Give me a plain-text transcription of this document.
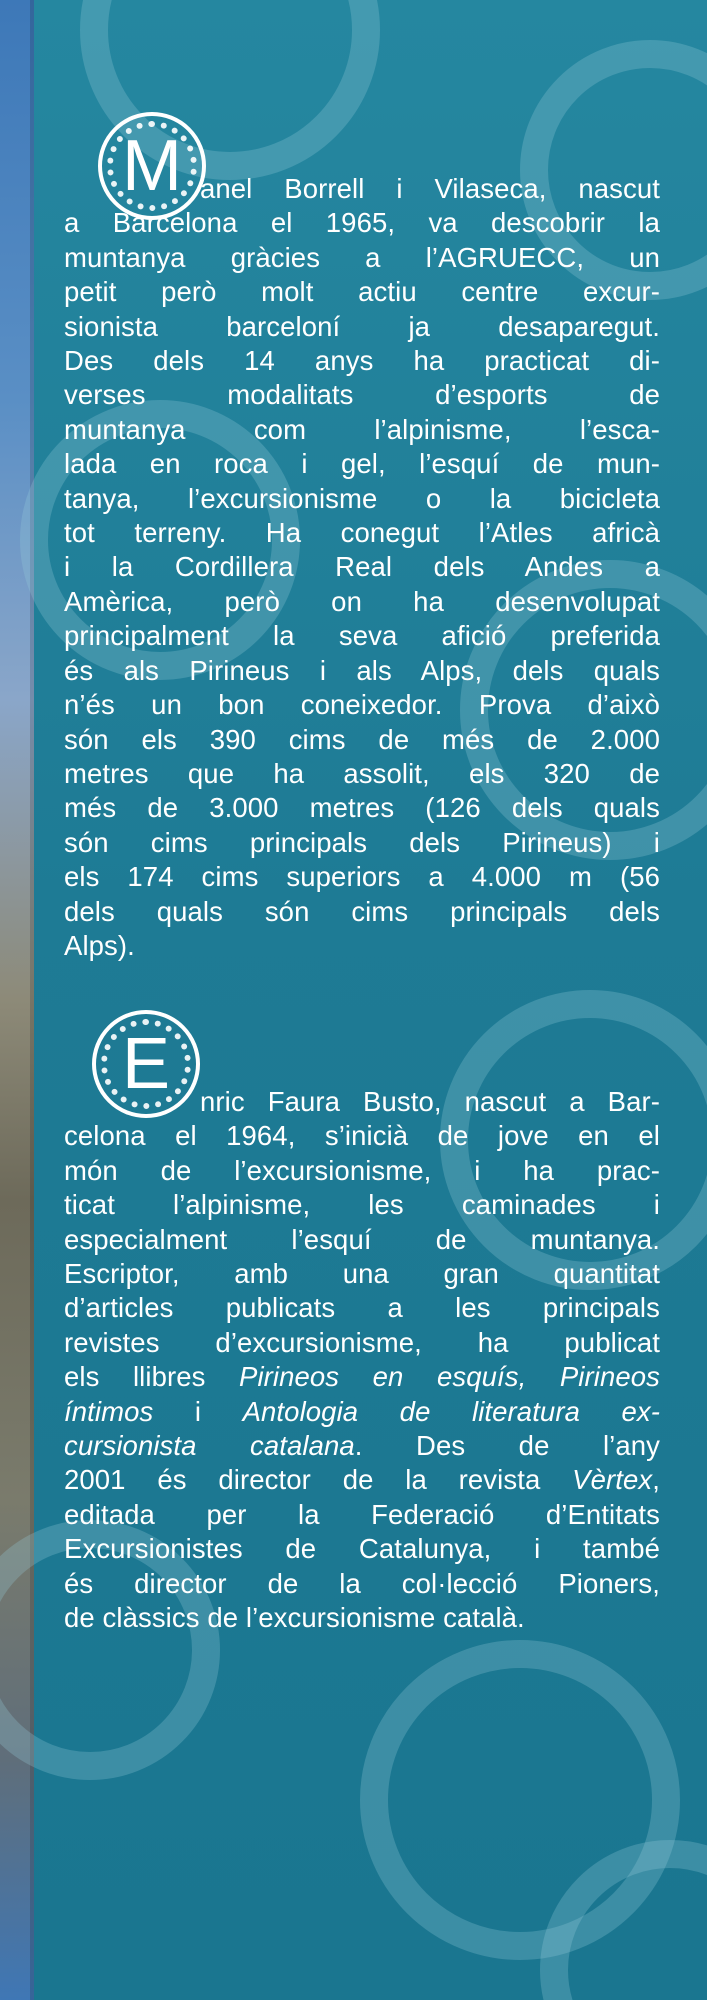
M anel Borrell i Vilaseca, nascut
a Barcelona el 1965, va descobrir la
muntanya gràcies a l’AGRUECC, un
petit però molt actiu centre excur-
sionista barceloní ja desaparegut.
Des dels 14 anys ha practicat di-
verses modalitats d’esports de
muntanya com l’alpinisme, l’esca-
lada en roca i gel, l’esquí de mun-
tanya, l’excursionisme o la bicicleta
tot terreny. Ha conegut l’Atles africà
i la Cordillera Real dels Andes a
Amèrica, però on ha desenvolupat
principalment la seva afició preferida
és als Pirineus i als Alps, dels quals
n’és un bon coneixedor. Prova d’això
són els 390 cims de més de 2.000
metres que ha assolit, els 320 de
més de 3.000 metres (126 dels quals
són cims principals dels Pirineus) i
els 174 cims superiors a 4.000 m (56
dels quals són cims principals dels
Alps).
E	nric Faura Busto, nascut a Bar-
celona el 1964, s’inicià de jove en el
món de l’excursionisme, i ha prac-
ticat l’alpinisme, les caminades i
especialment l’esquí de muntanya.
Escriptor, amb una gran quantitat
d’articles publicats a les principals
revistes d’excursionisme, ha publicat
els llibres Pirineos en esquís, Pirineos
íntimos i Antologia de literatura ex-
cursionista catalana. Des de l’any
2001 és director de la revista Vèrtex,
editada per la Federació d’Entitats
Excursionistes de Catalunya, i també
és director de la col·lecció Pioners,
de clàssics de l’excursionisme català.
